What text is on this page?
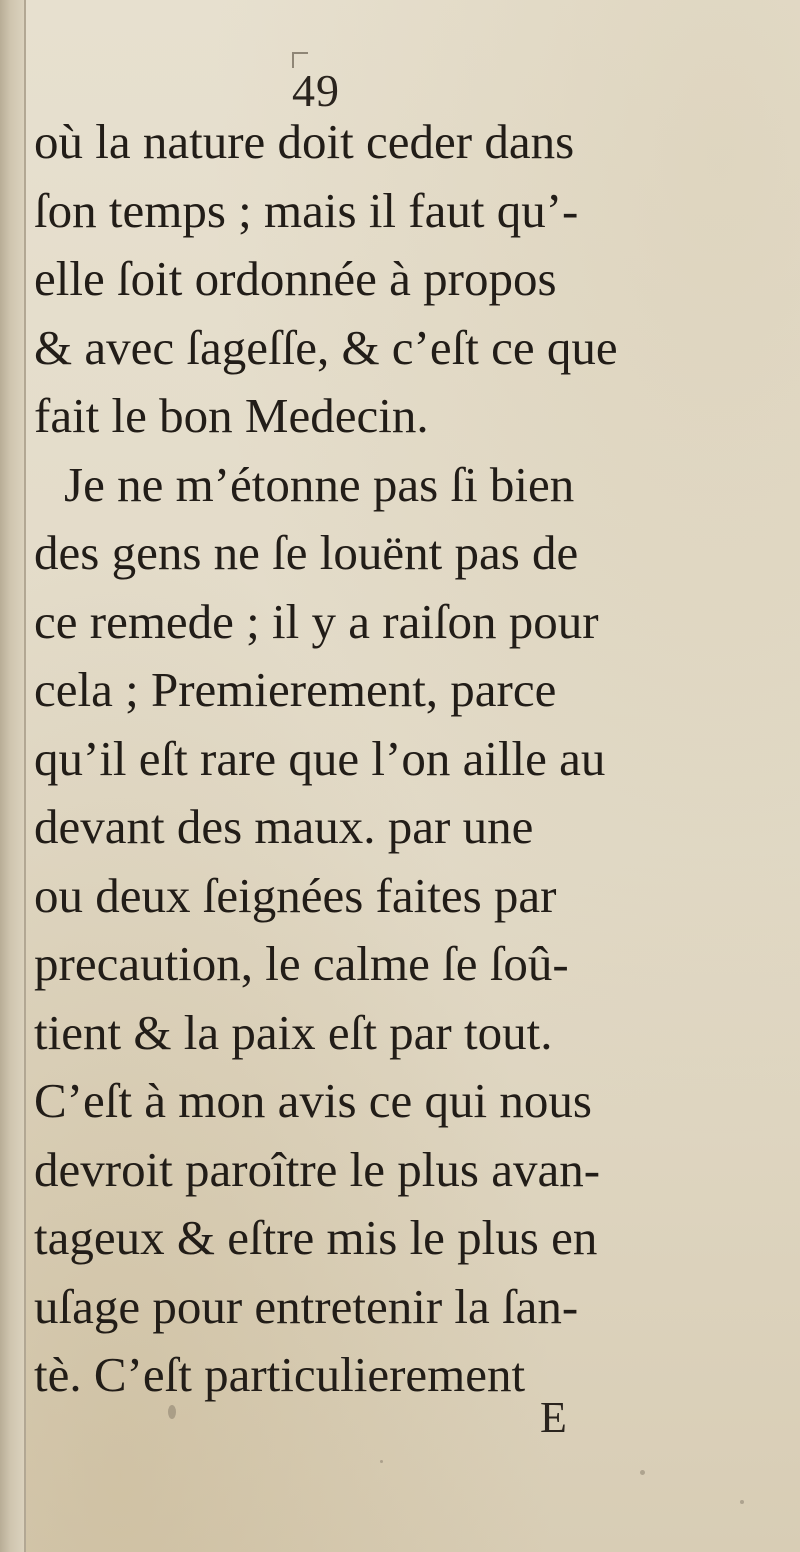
49
où la nature doit ceder dans
ſon temps ; mais il faut qu’-
elle ſoit ordonnée à propos
& avec ſageſſe, & c’eſt ce que
fait le bon Medecin.
Je ne m’étonne pas ſi bien
des gens ne ſe louënt pas de
ce remede ; il y a raiſon pour
cela ; Premierement, parce
qu’il eſt rare que l’on aille au
devant des maux. par une
ou deux ſeignées faites par
precaution, le calme ſe ſoû-
tient & la paix eſt par tout.
C’eſt à mon avis ce qui nous
devroit paroître le plus avan-
tageux & eſtre mis le plus en
uſage pour entretenir la ſan-
tè. C’eſt particulierement
E
